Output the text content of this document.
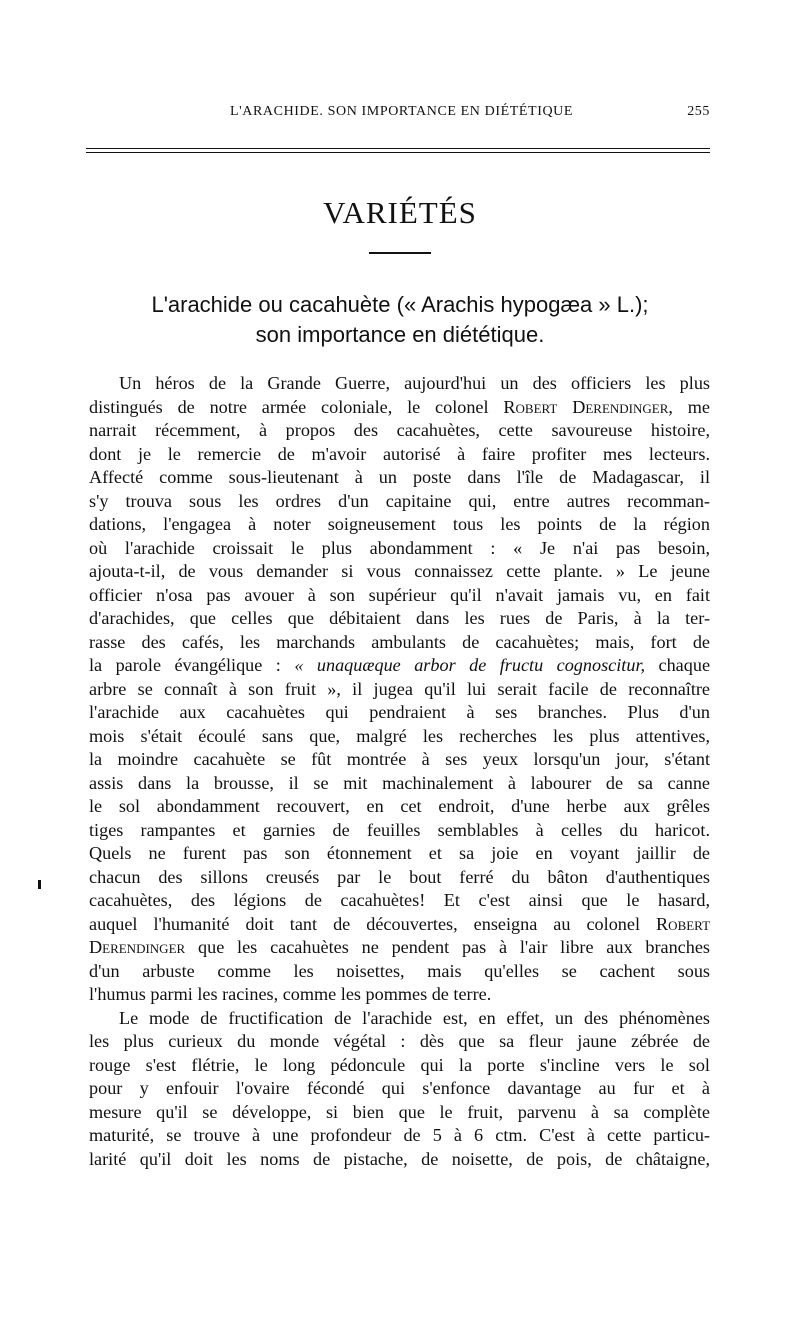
L'ARACHIDE. SON IMPORTANCE EN DIÉTÉTIQUE	255
VARIÉTÉS
L'arachide ou cacahuète (« Arachis hypogæa » L.);
son importance en diététique.
Un héros de la Grande Guerre, aujourd'hui un des officiers les plus
distingués de notre armée coloniale, le colonel Robert Derendinger, me
narrait récemment, à propos des cacahuètes, cette savoureuse histoire,
dont je le remercie de m'avoir autorisé à faire profiter mes lecteurs.
Affecté comme sous-lieutenant à un poste dans l'île de Madagascar, il
s'y trouva sous les ordres d'un capitaine qui, entre autres recomman-
dations, l'engagea à noter soigneusement tous les points de la région
où l'arachide croissait le plus abondamment : « Je n'ai pas besoin,
ajouta-t-il, de vous demander si vous connaissez cette plante. » Le jeune
officier n'osa pas avouer à son supérieur qu'il n'avait jamais vu, en fait
d'arachides, que celles que débitaient dans les rues de Paris, à la ter-
rasse des cafés, les marchands ambulants de cacahuètes; mais, fort de
la parole évangélique : « unaquæque arbor de fructu cognoscitur, chaque
arbre se connaît à son fruit », il jugea qu'il lui serait facile de reconnaître
l'arachide aux cacahuètes qui pendraient à ses branches. Plus d'un
mois s'était écoulé sans que, malgré les recherches les plus attentives,
la moindre cacahuète se fût montrée à ses yeux lorsqu'un jour, s'étant
assis dans la brousse, il se mit machinalement à labourer de sa canne
le sol abondamment recouvert, en cet endroit, d'une herbe aux grêles
tiges rampantes et garnies de feuilles semblables à celles du haricot.
Quels ne furent pas son étonnement et sa joie en voyant jaillir de
chacun des sillons creusés par le bout ferré du bâton d'authentiques
cacahuètes, des légions de cacahuètes! Et c'est ainsi que le hasard,
auquel l'humanité doit tant de découvertes, enseigna au colonel Robert
Derendinger que les cacahuètes ne pendent pas à l'air libre aux branches
d'un arbuste comme les noisettes, mais qu'elles se cachent sous
l'humus parmi les racines, comme les pommes de terre.
Le mode de fructification de l'arachide est, en effet, un des phénomènes
les plus curieux du monde végétal : dès que sa fleur jaune zébrée de
rouge s'est flétrie, le long pédoncule qui la porte s'incline vers le sol
pour y enfouir l'ovaire fécondé qui s'enfonce davantage au fur et à
mesure qu'il se développe, si bien que le fruit, parvenu à sa complète
maturité, se trouve à une profondeur de 5 à 6 ctm. C'est à cette particu-
larité qu'il doit les noms de pistache, de noisette, de pois, de châtaigne,
